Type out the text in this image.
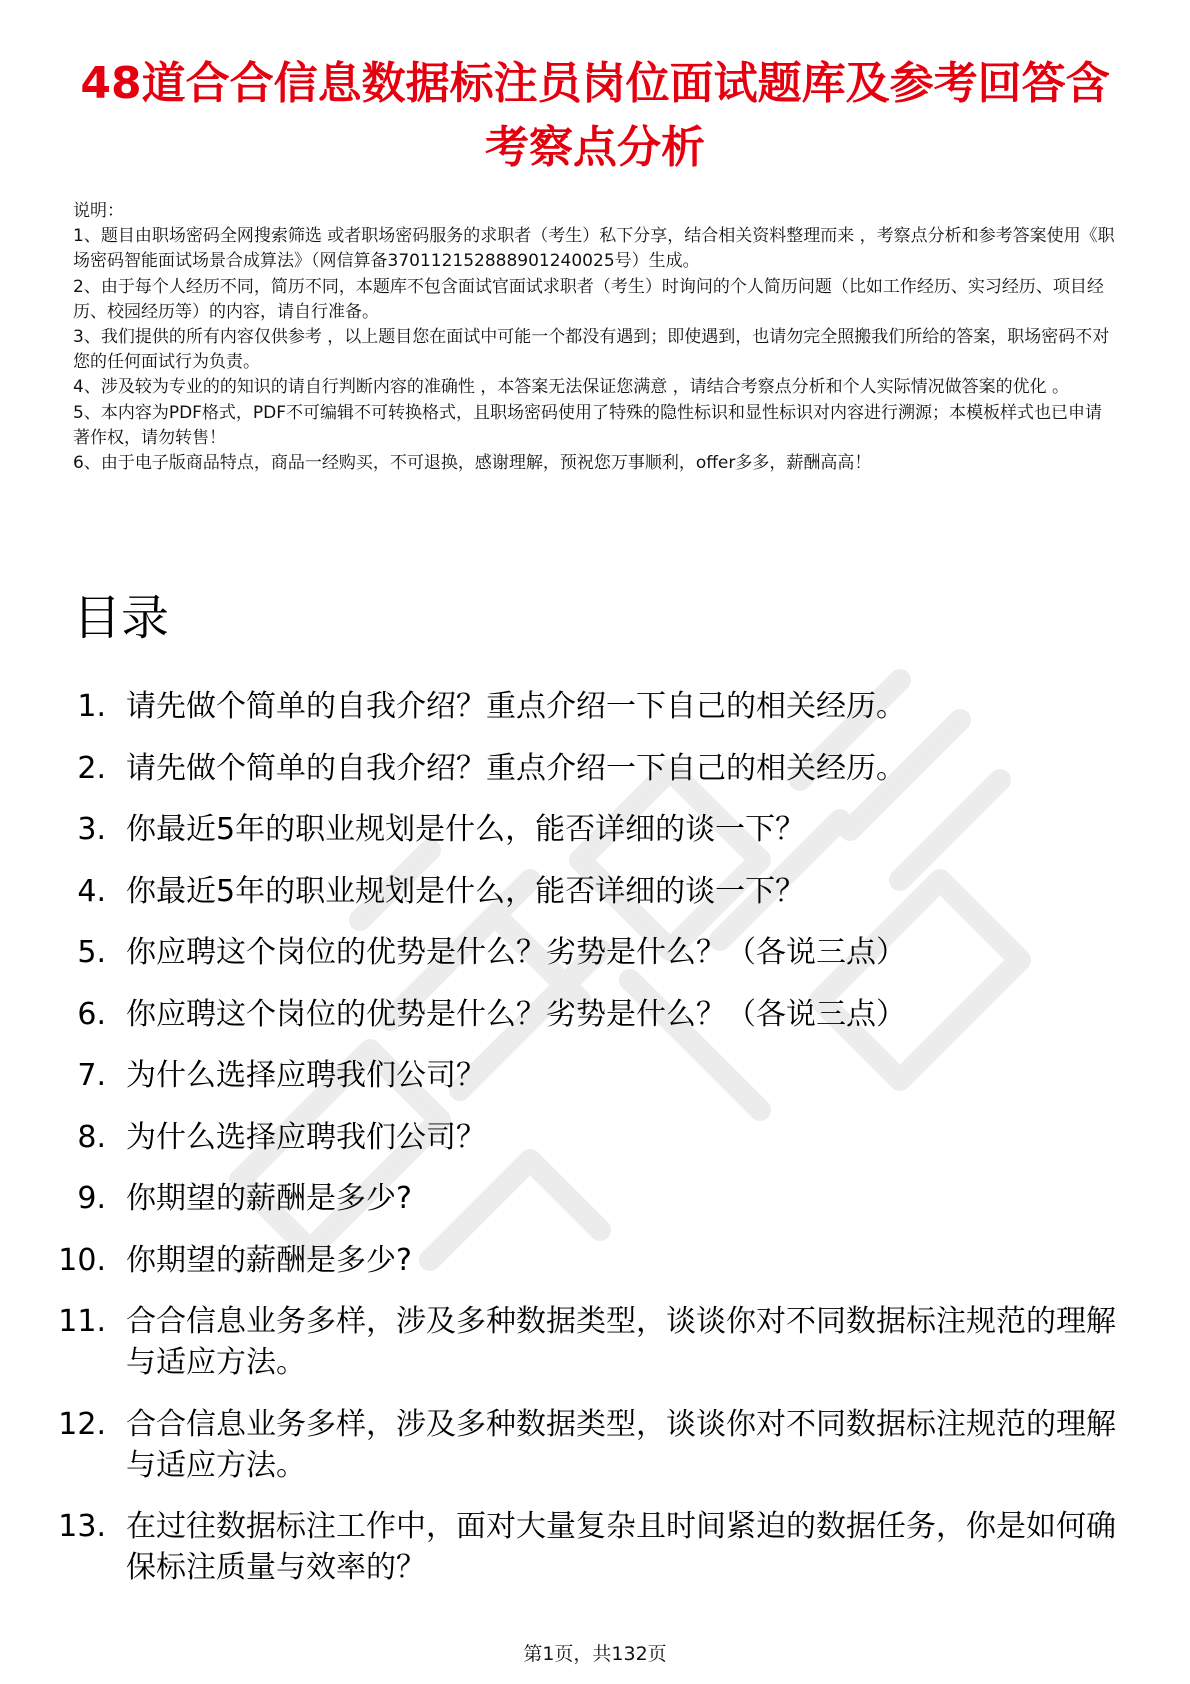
48道合合信息数据标注员岗位面试题库及参考回答含考察点分析

说明：

1、题目由职场密码全网搜索筛选 或者职场密码服务的求职者（考生）私下分享，结合相关资料整理而来 ，考察点分析和参考答案使用《职场密码智能面试场景合成算法》（网信算备370112152888901240025号）生成。

2、由于每个人经历不同，简历不同，本题库不包含面试官面试求职者（考生）时询问的个人简历问题（比如工作经历、实习经历、项目经历、校园经历等）的内容，请自行准备。

3、我们提供的所有内容仅供参考 ，以上题目您在面试中可能一个都没有遇到；即使遇到，也请勿完全照搬我们所给的答案，职场密码不对您的任何面试行为负责。

4、涉及较为专业的的知识的请自行判断内容的准确性 ，本答案无法保证您满意 ，请结合考察点分析和个人实际情况做答案的优化 。

5、本内容为PDF格式，PDF不可编辑不可转换格式，且职场密码使用了特殊的隐性标识和显性标识对内容进行溯源；本模板样式也已申请著作权，请勿转售！

6、由于电子版商品特点，商品一经购买，不可退换，感谢理解，预祝您万事顺利，offer多多，薪酬高高！

目录
1. 请先做个简单的自我介绍？重点介绍一下自己的相关经历。
2. 请先做个简单的自我介绍？重点介绍一下自己的相关经历。
3. 你最近5年的职业规划是什么，能否详细的谈一下？
4. 你最近5年的职业规划是什么，能否详细的谈一下？
5. 你应聘这个岗位的优势是什么？劣势是什么？（各说三点）
6. 你应聘这个岗位的优势是什么？劣势是什么？（各说三点）
7. 为什么选择应聘我们公司？
8. 为什么选择应聘我们公司？
9. 你期望的薪酬是多少?
10. 你期望的薪酬是多少?
11. 合合信息业务多样，涉及多种数据类型，谈谈你对不同数据标注规范的理解与适应方法。
12. 合合信息业务多样，涉及多种数据类型，谈谈你对不同数据标注规范的理解与适应方法。
13. 在过往数据标注工作中，面对大量复杂且时间紧迫的数据任务，你是如何确保标注质量与效率的？
第1页，共132页
